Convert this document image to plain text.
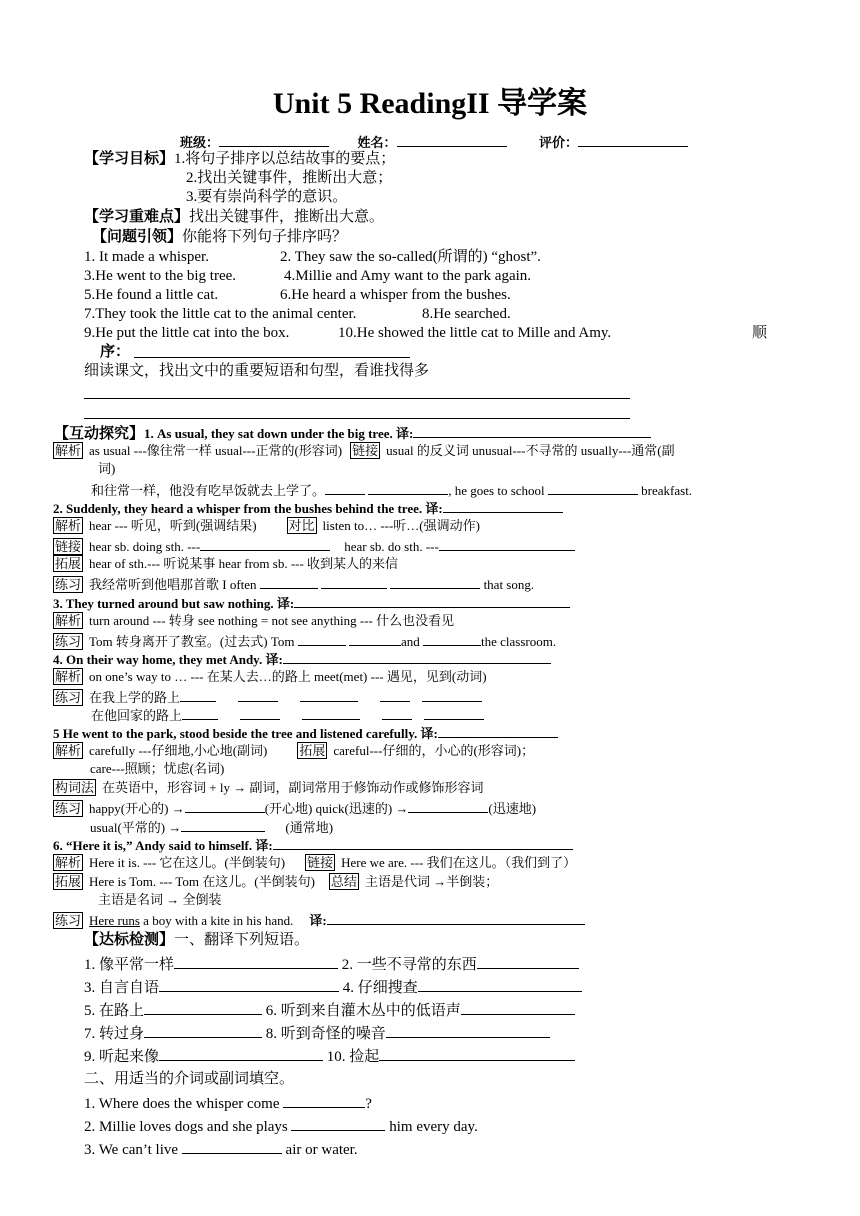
Unit 5 ReadingII 导学案
班级：	姓名：	评价：
【学习目标】1.将句子排序以总结故事的要点；
2.找出关键事件，推断出大意；
3.要有崇尚科学的意识。
【学习重难点】找出关键事件，推断出大意。
【问题引领】你能将下列句子排序吗？
1. It made a whisper.	2. They saw the so-called(所谓的) “ghost”.
3.He went to the big tree.	4.Millie and Amy want to the park again.
5.He found a little cat.	6.He heard a whisper from the bushes.
7.They took the little cat to the animal center.	8.He searched.
9.He put the little cat into the box.	10.He showed the little cat to Mille and Amy.	顺
序：
细读课文，找出文中的重要短语和句型，看谁找得多
【互动探究】1. As usual, they sat down under the big tree. 译:
解析 as usual ---像往常一样 usual---正常的(形容词) 链接 usual 的反义词 unusual---不寻常的 usually---通常(副
词)
和往常一样，他没有吃早饭就去上学了。	, he goes to school	breakfast.
2. Suddenly, they heard a whisper from the bushes behind the tree. 译:
解析 hear --- 听见，听到(强调结果) 对比 listen to… ---听…(强调动作)
链接 hear sb. doing sth. ---	hear sb. do sth. ---
拓展 hear of sth.--- 听说某事 hear from sb. --- 收到某人的来信
练习 我经常听到他唱那首歌 I often	that song.
3. They turned around but saw nothing. 译:
解析 turn around --- 转身 see nothing = not see anything --- 什么也没看见
练习 Tom 转身离开了教室。(过去式) Tom	and	the classroom.
4. On their way home, they met Andy. 译:
解析 on one’s way to … --- 在某人去…的路上 meet(met) --- 遇见，见到(动词)
练习 在我上学的路上
在他回家的路上
5 He went to the park, stood beside the tree and listened carefully. 译:
解析 carefully ---仔细地,小心地(副词) 拓展 careful---仔细的，小心的(形容词)；
care---照顾；忧虑(名词)
构词法 在英语中，形容词 + ly → 副词，副词常用于修饰动作或修饰形容词
练习 happy(开心的) →	(开心地) quick(迅速的) →	(迅速地)
usual(平常的) →	(通常地)
6. “Here it is,” Andy said to himself. 译:
解析 Here it is. --- 它在这儿。(半倒装句) 链接 Here we are. --- 我们在这儿。（我们到了）
拓展 Here is Tom. --- Tom 在这儿。(半倒装句) 总结 主语是代词 →半倒装；
主语是名词 → 全倒装
练习 Here runs a boy with a kite in his hand. 译:
【达标检测】一、翻译下列短语。
1. 像平常一样	2. 一些不寻常的东西
3. 自言自语	4. 仔细搜查
5. 在路上	6. 听到来自灌木丛中的低语声
7. 转过身	8. 听到奇怪的噪音
9. 听起来像	10. 捡起
二、用适当的介词或副词填空。
1. Where does the whisper come	?
2. Millie loves dogs and she plays	him every day.
3. We can’t live	air or water.
